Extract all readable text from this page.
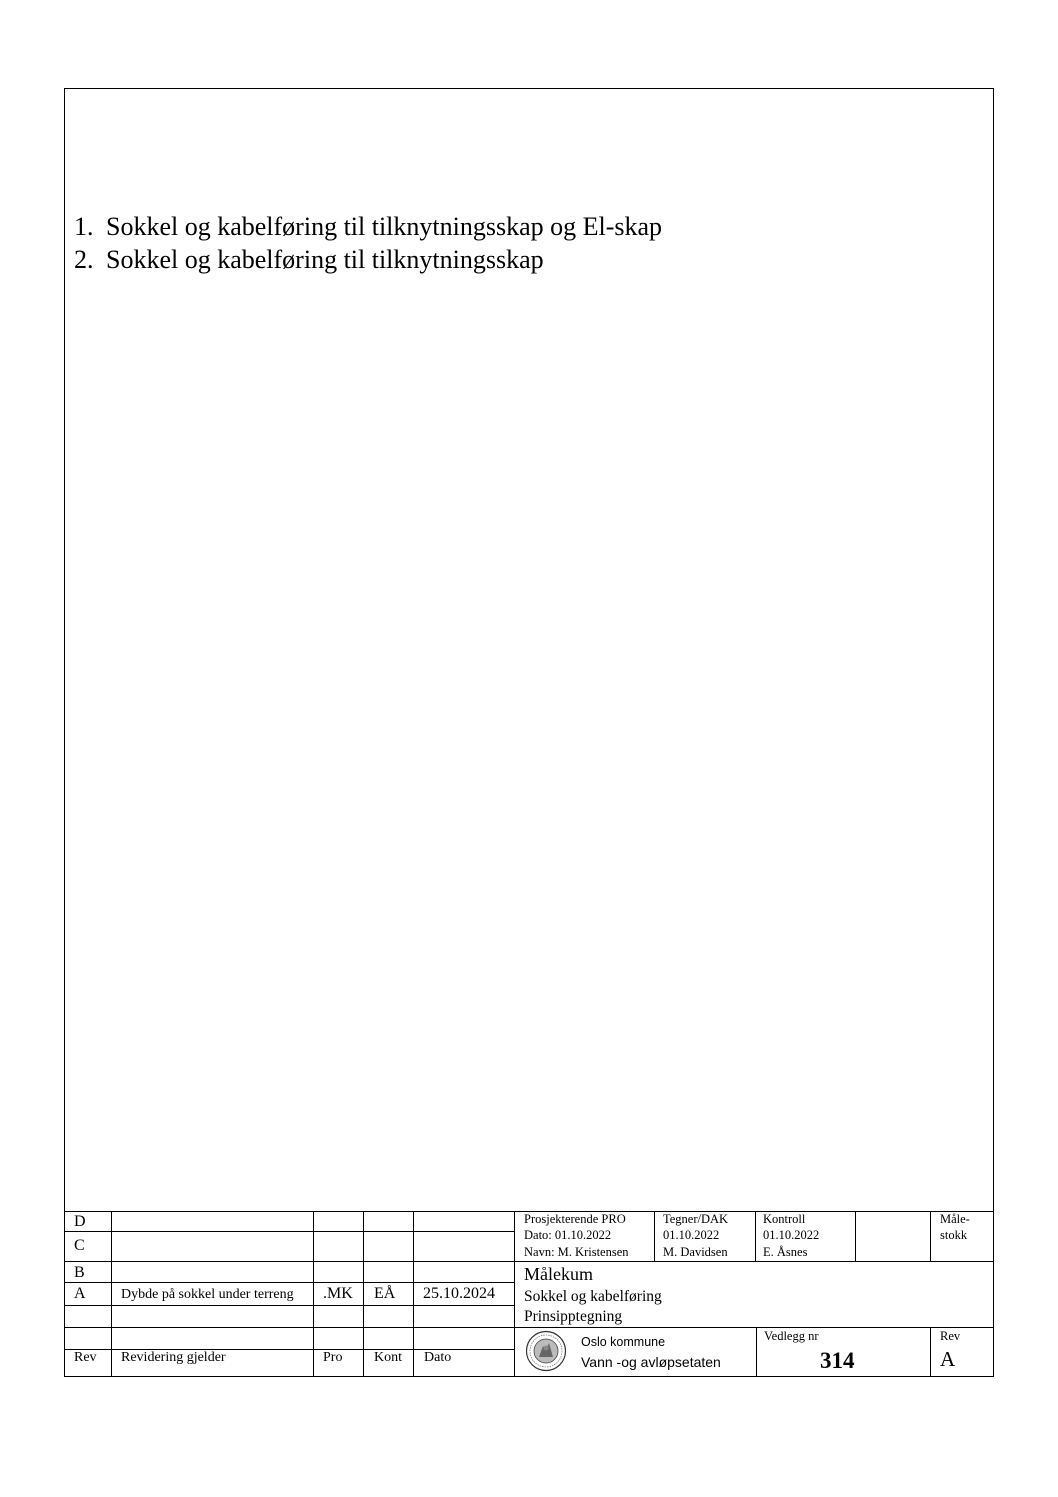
1. Sokkel og kabelføring til tilknytningsskap og El-skap
2. Sokkel og kabelføring til tilknytningsskap
D
C
B
A	Dybde på sokkel under terreng .MK EÅ 25.10.2024
Rev Revidering gjelder	Pro Kont Dato
Prosjekterende PRO
Dato: 01.10.2022
Navn: M. Kristensen
Tegner/DAK
01.10.2022
M. Davidsen
Kontroll
01.10.2022
E. Åsnes
Måle-
stokk
Målekum
Sokkel og kabelføring
Prinsipptegning
Oslo kommune
Vann -og avløpsetaten
Vedlegg nr
314
Rev
A
